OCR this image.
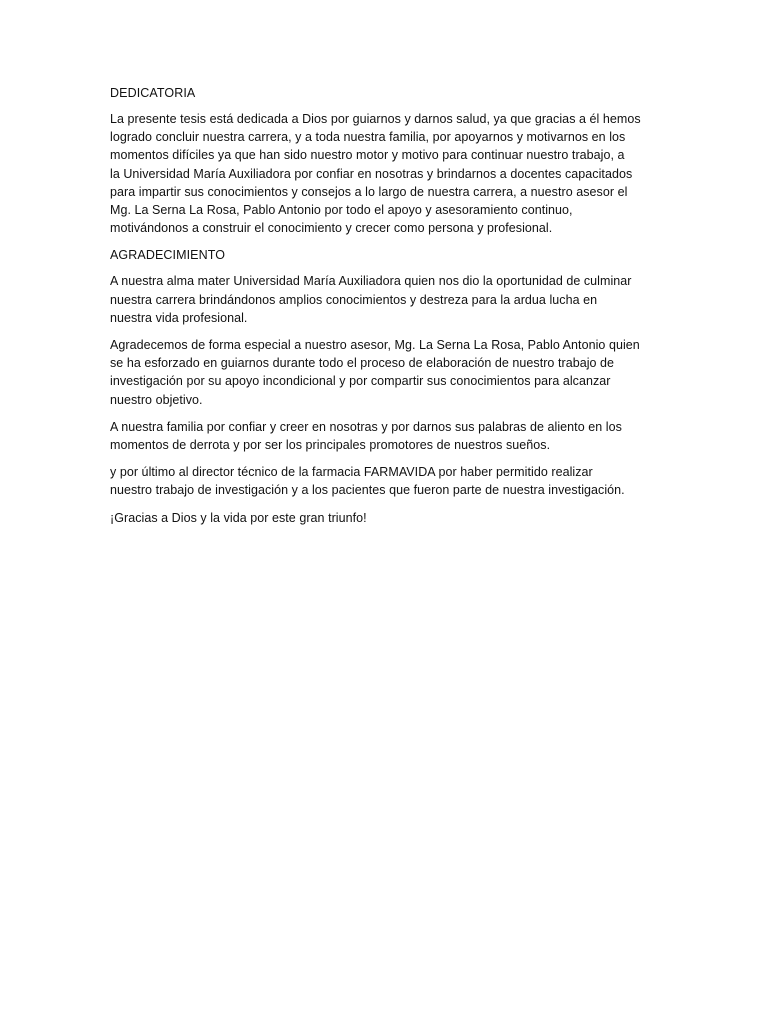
DEDICATORIA
La presente tesis está dedicada a Dios por guiarnos y darnos salud, ya que gracias a él hemos
logrado concluir nuestra carrera, y a toda nuestra familia, por apoyarnos y motivarnos en los
momentos difíciles ya que han sido nuestro motor y motivo para continuar nuestro trabajo, a
la Universidad María Auxiliadora por confiar en nosotras y brindarnos a docentes capacitados
para impartir sus conocimientos y consejos a lo largo de nuestra carrera, a nuestro asesor el
Mg. La Serna La Rosa, Pablo Antonio por todo el apoyo y asesoramiento continuo,
motivándonos a construir el conocimiento y crecer como persona y profesional.
AGRADECIMIENTO
A nuestra alma mater Universidad María Auxiliadora quien nos dio la oportunidad de culminar
nuestra carrera brindándonos amplios conocimientos y destreza para la ardua lucha en
nuestra vida profesional.
Agradecemos de forma especial a nuestro asesor, Mg. La Serna La Rosa, Pablo Antonio quien
se ha esforzado en guiarnos durante todo el proceso de elaboración de nuestro trabajo de
investigación por su apoyo incondicional y por compartir sus conocimientos para alcanzar
nuestro objetivo.
A nuestra familia por confiar y creer en nosotras y por darnos sus palabras de aliento en los
momentos de derrota y por ser los principales promotores de nuestros sueños.
y por último al director técnico de la farmacia FARMAVIDA por haber permitido realizar
nuestro trabajo de investigación y a los pacientes que fueron parte de nuestra investigación.
¡Gracias a Dios y la vida por este gran triunfo!
